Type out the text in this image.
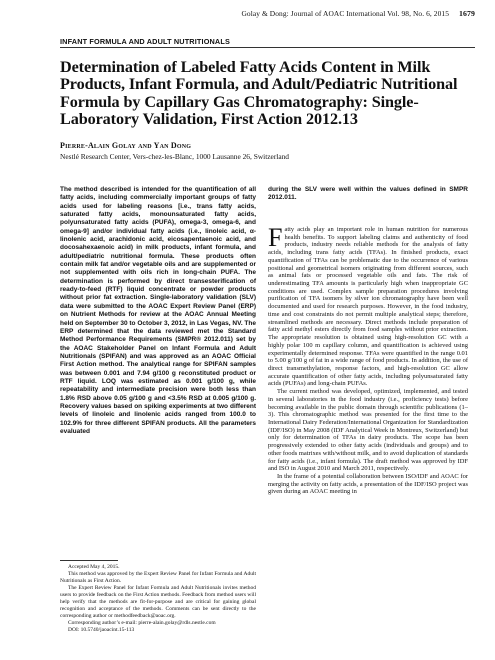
Golay & Dong: Journal of AOAC International Vol. 98, No. 6, 2015 1679
INFANT FORMULA AND ADULT NUTRITIONALS
Determination of Labeled Fatty Acids Content in Milk Products, Infant Formula, and Adult/Pediatric Nutritional Formula by Capillary Gas Chromatography: Single-Laboratory Validation, First Action 2012.13
Pierre-Alain Golay and Yan Dong
Nestlé Research Center, Vers-chez-les-Blanc, 1000 Lausanne 26, Switzerland

The method described is intended for the quantification of all fatty acids, including commercially important groups of fatty acids used for labeling reasons [i.e., trans fatty acids, saturated fatty acids, monounsaturated fatty acids, polyunsaturated fatty acids (PUFA), omega-3, omega-6, and omega-9] and/or individual fatty acids (i.e., linoleic acid, α-linolenic acid, arachidonic acid, eicosapentaenoic acid, and docosahexaenoic acid) in milk products, infant formula, and adult/pediatric nutritional formula. These products often contain milk fat and/or vegetable oils and are supplemented or not supplemented with oils rich in long-chain PUFA. The determination is performed by direct transesterification of ready-to-feed (RTF) liquid concentrate or powder products without prior fat extraction. Single-laboratory validation (SLV) data were submitted to the AOAC Expert Review Panel (ERP) on Nutrient Methods for review at the AOAC Annual Meeting held on September 30 to October 3, 2012, in Las Vegas, NV. The ERP determined that the data reviewed met the Standard Method Performance Requirements (SMPR® 2012.011) set by the AOAC Stakeholder Panel on Infant Formula and Adult Nutritionals (SPIFAN) and was approved as an AOAC Official First Action method. The analytical range for SPIFAN samples was between 0.001 and 7.94 g/100 g reconstituted product or RTF liquid. LOQ was estimated as 0.001 g/100 g, while repeatability and intermediate precision were both less than 1.8% RSD above 0.05 g/100 g and <3.5% RSD at 0.005 g/100 g. Recovery values based on spiking experiments at two different levels of linoleic and linolenic acids ranged from 100.0 to 102.9% for three different SPIFAN products. All the parameters evaluated

during the SLV were well within the values defined in SMPR 2012.011.

Fatty acids play an important role in human nutrition for numerous health benefits. To support labeling claims and authenticity of food products, industry needs reliable methods for the analysis of fatty acids, including trans fatty acids (TFAs). In finished products, exact quantification of TFAs can be problematic due to the occurrence of various positional and geometrical isomers originating from different sources, such as animal fats or processed vegetable oils and fats. The risk of underestimating TFA amounts is particularly high when inappropriate GC conditions are used. Complex sample preparation procedures involving purification of TFA isomers by silver ion chromatography have been well documented and used for research purposes. However, in the food industry, time and cost constraints do not permit multiple analytical steps; therefore, streamlined methods are necessary. Direct methods include preparation of fatty acid methyl esters directly from food samples without prior extraction. The appropriate resolution is obtained using high-resolution GC with a highly polar 100 m capillary column, and quantification is achieved using experimentally determined response. TFAs were quantified in the range 0.01 to 5.00 g/100 g of fat in a wide range of food products. In addition, the use of direct transmethylation, response factors, and high-resolution GC allow accurate quantification of other fatty acids, including polyunsaturated fatty acids (PUFAs) and long-chain PUFAs.

The current method was developed, optimized, implemented, and tested in several laboratories in the food industry (i.e., proficiency tests) before becoming available in the public domain through scientific publications (1–3). This chromatographic method was presented for the first time to the International Dairy Federation/International Organization for Standardization (IDF/ISO) in May 2008 (IDF Analytical Week in Montreux, Switzerland) but only for determination of TFAs in dairy products. The scope has been progressively extended to other fatty acids (individuals and groups) and to other foods matrixes with/without milk, and to avoid duplication of standards for fatty acids (i.e., infant formula). The draft method was approved by IDF and ISO in August 2010 and March 2011, respectively.

In the frame of a potential collaboration between ISO/IDF and AOAC for merging the activity on fatty acids, a presentation of the IDF/ISO project was given during an AOAC meeting in

Accepted May 4, 2015.

This method was approved by the Expert Review Panel for Infant Formula and Adult Nutritionals as First Action.

The Expert Review Panel for Infant Formula and Adult Nutritionals invites method users to provide feedback on the First Action methods. Feedback from method users will help verify that the methods are fit-for-purpose and are critical for gaining global recognition and acceptance of the methods. Comments can be sent directly to the corresponding author or methodfeedback@aoac.org.

Corresponding author’s e-mail: pierre-alain.golay@rdls.nestle.com

DOI: 10.5740/jaoacint.15-113
